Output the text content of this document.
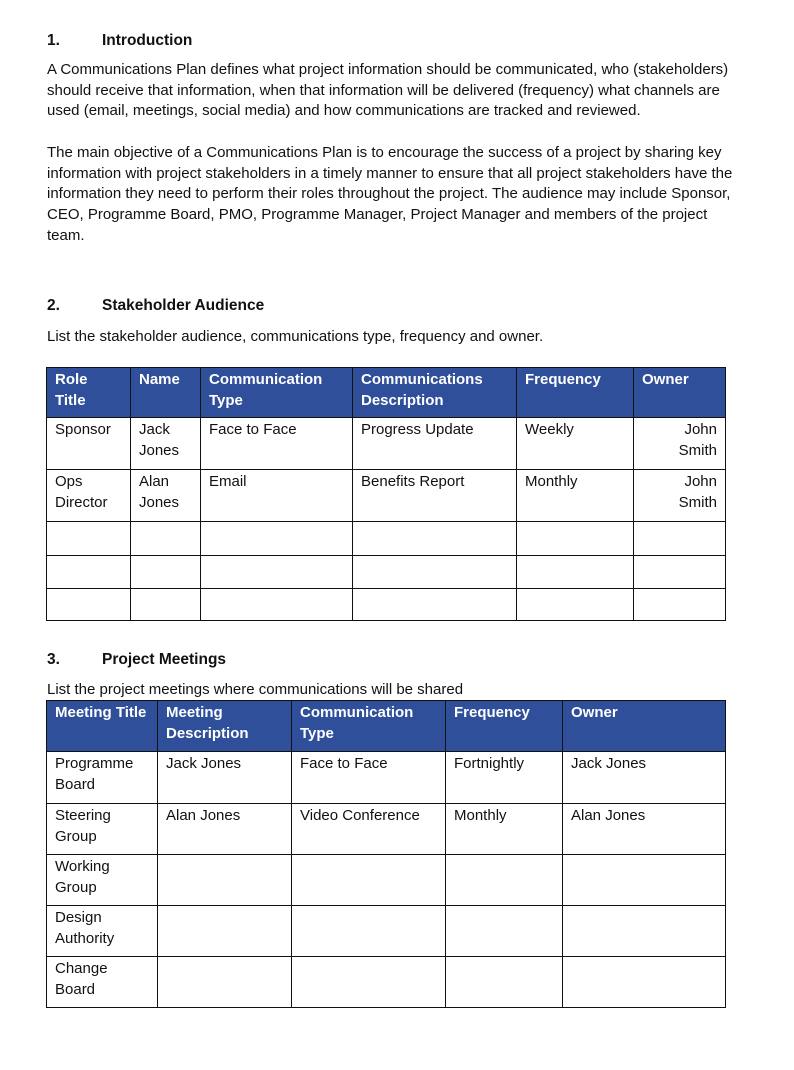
1.	Introduction
A Communications Plan defines what project information should be communicated, who (stakeholders) should receive that information, when that information will be delivered (frequency) what channels are used (email, meetings, social media) and how communications are tracked and reviewed.
The main objective of a Communications Plan is to encourage the success of a project by sharing key information with project stakeholders in a timely manner to ensure that all project stakeholders have the information they need to perform their roles throughout the project. The audience may include Sponsor, CEO, Programme Board, PMO, Programme Manager, Project Manager and members of the project team.
2.	Stakeholder Audience
List the stakeholder audience, communications type, frequency and owner.
Role Title	Name	Communication Type	Communications Description	Frequency	Owner
Sponsor	Jack Jones	Face to Face	Progress Update	Weekly	John Smith
Ops Director	Alan Jones	Email	Benefits Report	Monthly	John Smith

3.	Project Meetings
List the project meetings where communications will be shared
Meeting Title	Meeting Description	Communication Type	Frequency	Owner
Programme Board	Jack Jones	Face to Face	Fortnightly	Jack Jones
Steering Group	Alan Jones	Video Conference	Monthly	Alan Jones
Working Group				
Design Authority				
Change Board				
